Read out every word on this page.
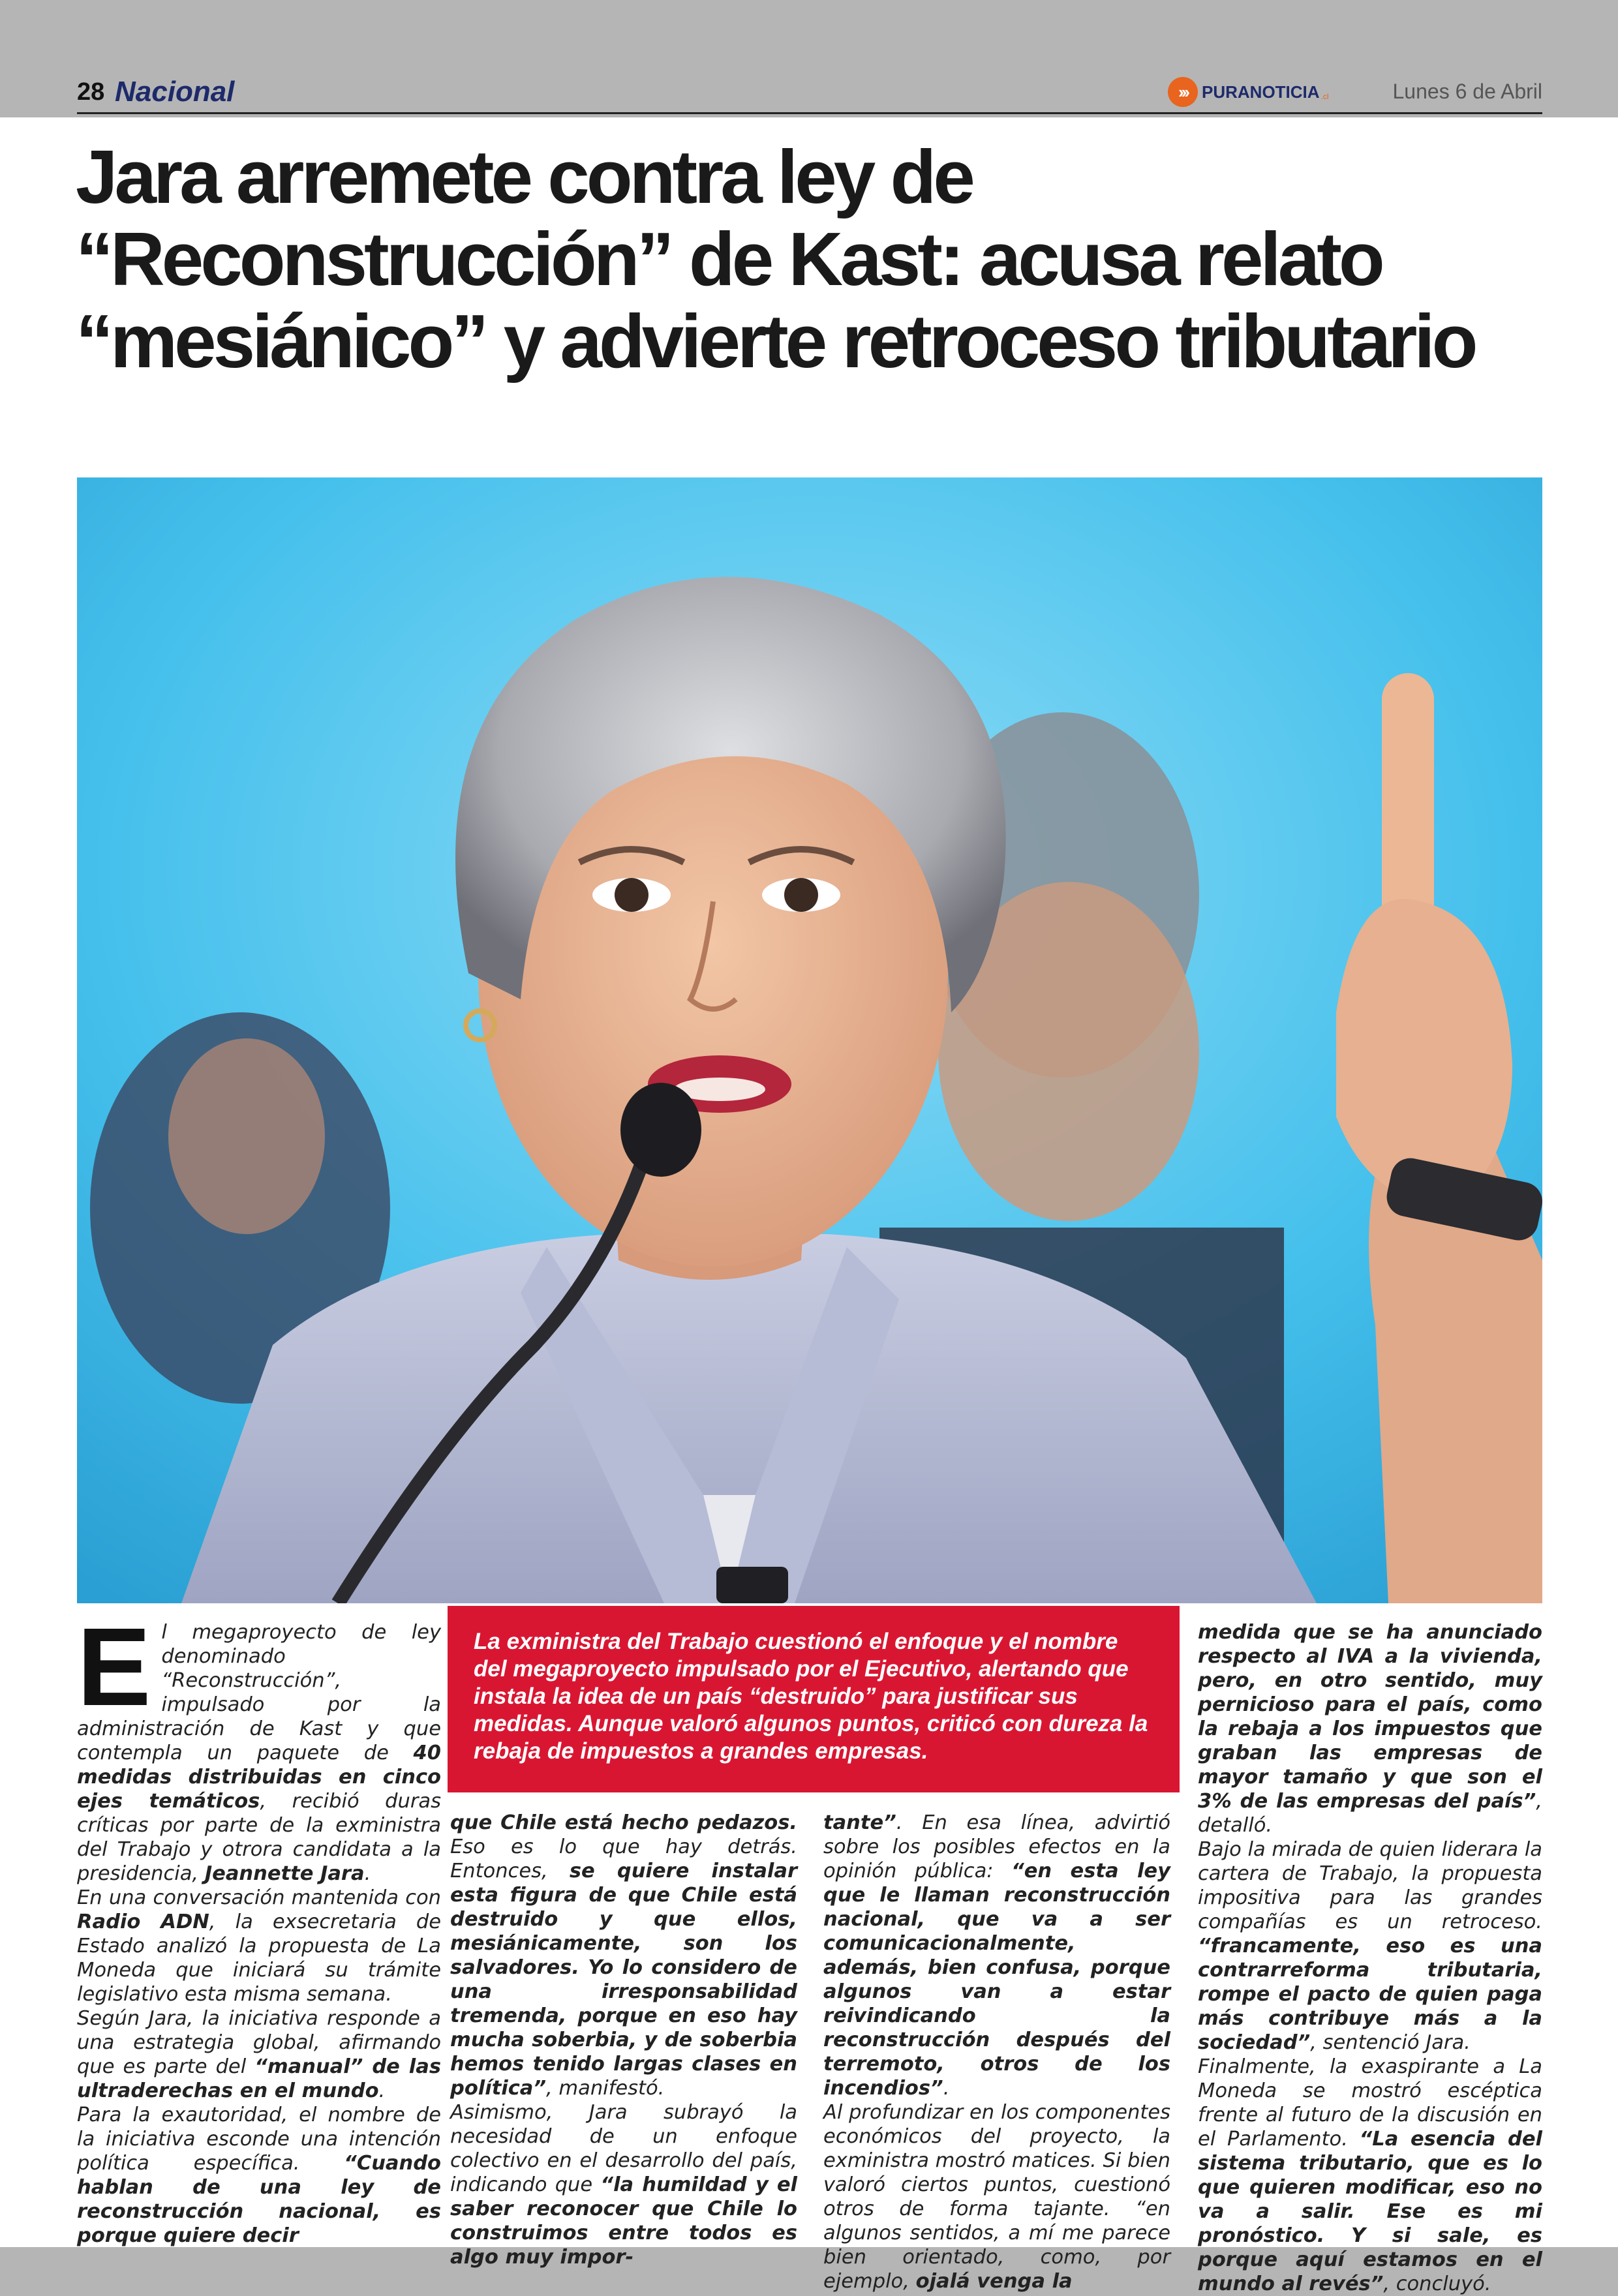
28 Nacional	››› PURANOTICIA .cl	Lunes 6 de Abril
Jara arremete contra ley de “Reconstrucción” de Kast: acusa relato “mesiánico” y advierte retroceso tributario

El megaproyecto de ley denominado “Reconstrucción”, impulsado por la administración de Kast y que contempla un paquete de 40 medidas distribuidas en cinco ejes temáticos, recibió duras críticas por parte de la exministra del Trabajo y otrora candidata a la presidencia, Jeannette Jara.

En una conversación mantenida con Radio ADN, la exsecretaria de Estado analizó la propuesta de La Moneda que iniciará su trámite legislativo esta misma semana.

Según Jara, la iniciativa responde a una estrategia global, afirmando que es parte del “manual” de las ultraderechas en el mundo.

Para la exautoridad, el nombre de la iniciativa esconde una intención política específica. “Cuando hablan de una ley de reconstrucción nacional, es porque quiere decir

La exministra del Trabajo cuestionó el enfoque y el nombre del megaproyecto impulsado por el Ejecutivo, alertando que instala la idea de un país “destruido” para justificar sus medidas. Aunque valoró algunos puntos, criticó con dureza la rebaja de impuestos a grandes empresas.

que Chile está hecho pedazos. Eso es lo que hay detrás. Entonces, se quiere instalar esta figura de que Chile está destruido y que ellos, mesiánicamente, son los salvadores. Yo lo considero de una irresponsabilidad tremenda, porque en eso hay mucha soberbia, y de soberbia hemos tenido largas clases en política”, manifestó.

Asimismo, Jara subrayó la necesidad de un enfoque colectivo en el desarrollo del país, indicando que “la humildad y el saber reconocer que Chile lo construimos entre todos es algo muy impor-

tante”. En esa línea, advirtió sobre los posibles efectos en la opinión pública: “en esta ley que le llaman reconstrucción nacional, que va a ser comunicacionalmente, además, bien confusa, porque algunos van a estar reivindicando la reconstrucción después del terremoto, otros de los incendios”.

Al profundizar en los componentes económicos del proyecto, la exministra mostró matices. Si bien valoró ciertos puntos, cuestionó otros de forma tajante. “en algunos sentidos, a mí me parece bien orientado, como, por ejemplo, ojalá venga la

medida que se ha anunciado respecto al IVA a la vivienda, pero, en otro sentido, muy pernicioso para el país, como la rebaja a los impuestos que graban las empresas de mayor tamaño y que son el 3% de las empresas del país”, detalló.

Bajo la mirada de quien liderara la cartera de Trabajo, la propuesta impositiva para las grandes compañías es un retroceso. “francamente, eso es una contrarreforma tributaria, rompe el pacto de quien paga más contribuye más a la sociedad”, sentenció Jara.

Finalmente, la exaspirante a La Moneda se mostró escéptica frente al futuro de la discusión en el Parlamento. “La esencia del sistema tributario, que es lo que quieren modificar, eso no va a salir. Ese es mi pronóstico. Y si sale, es porque aquí estamos en el mundo al revés”, concluyó.
